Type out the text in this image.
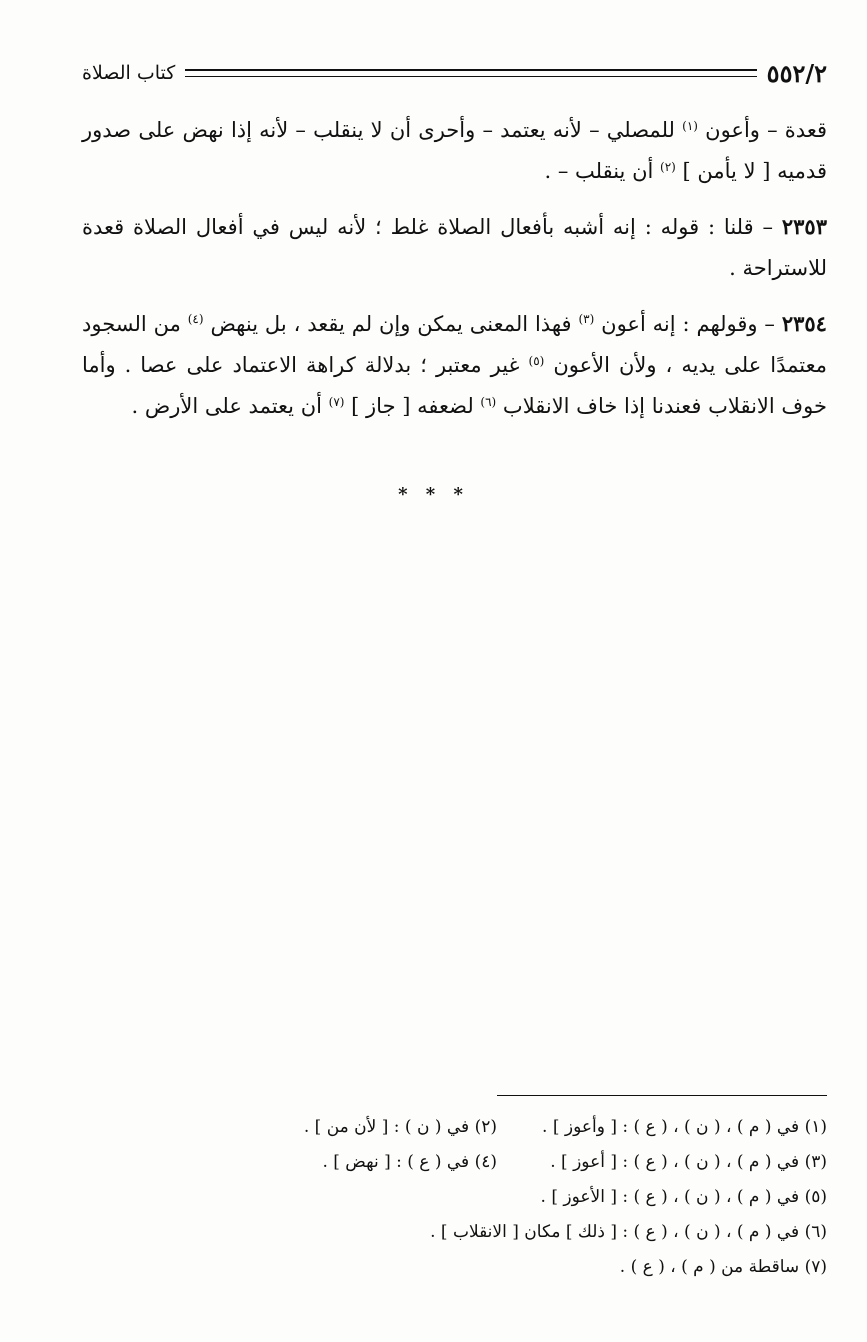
٥٥٢/٢
كتاب الصلاة

قعدة – وأعون $^{(١)}$ للمصلي – لأنه يعتمد – وأحرى أن لا ينقلب – لأنه إذا نهض على صدور قدميه [ لا يأمن ] $^{(٢)}$ أن ينقلب – .

٢٣٥٣ – قلنا : قوله : إنه أشبه بأفعال الصلاة غلط ؛ لأنه ليس في أفعال الصلاة قعدة للاستراحة .

٢٣٥٤ – وقولهم : إنه أعون $^{(٣)}$ فهذا المعنى يمكن وإن لم يقعد ، بل ينهض $^{(٤)}$ من السجود معتمدًا على يديه ، ولأن الأعون $^{(٥)}$ غير معتبر ؛ بدلالة كراهة الاعتماد على عصا . وأما خوف الانقلاب فعندنا إذا خاف الانقلاب $^{(٦)}$ لضعفه [ جاز ] $^{(٧)}$ أن يعتمد على الأرض .

* * *
(١) في ( م ) ، ( ن ) ، ( ع ) : [ وأعوز ] .
(٢) في ( ن ) : [ لأن من ] .
(٣) في ( م ) ، ( ن ) ، ( ع ) : [ أعوز ] .
(٤) في ( ع ) : [ نهض ] .
(٥) في ( م ) ، ( ن ) ، ( ع ) : [ الأعوز ] .
(٦) في ( م ) ، ( ن ) ، ( ع ) : [ ذلك ] مكان [ الانقلاب ] .
(٧) ساقطة من ( م ) ، ( ع ) .
